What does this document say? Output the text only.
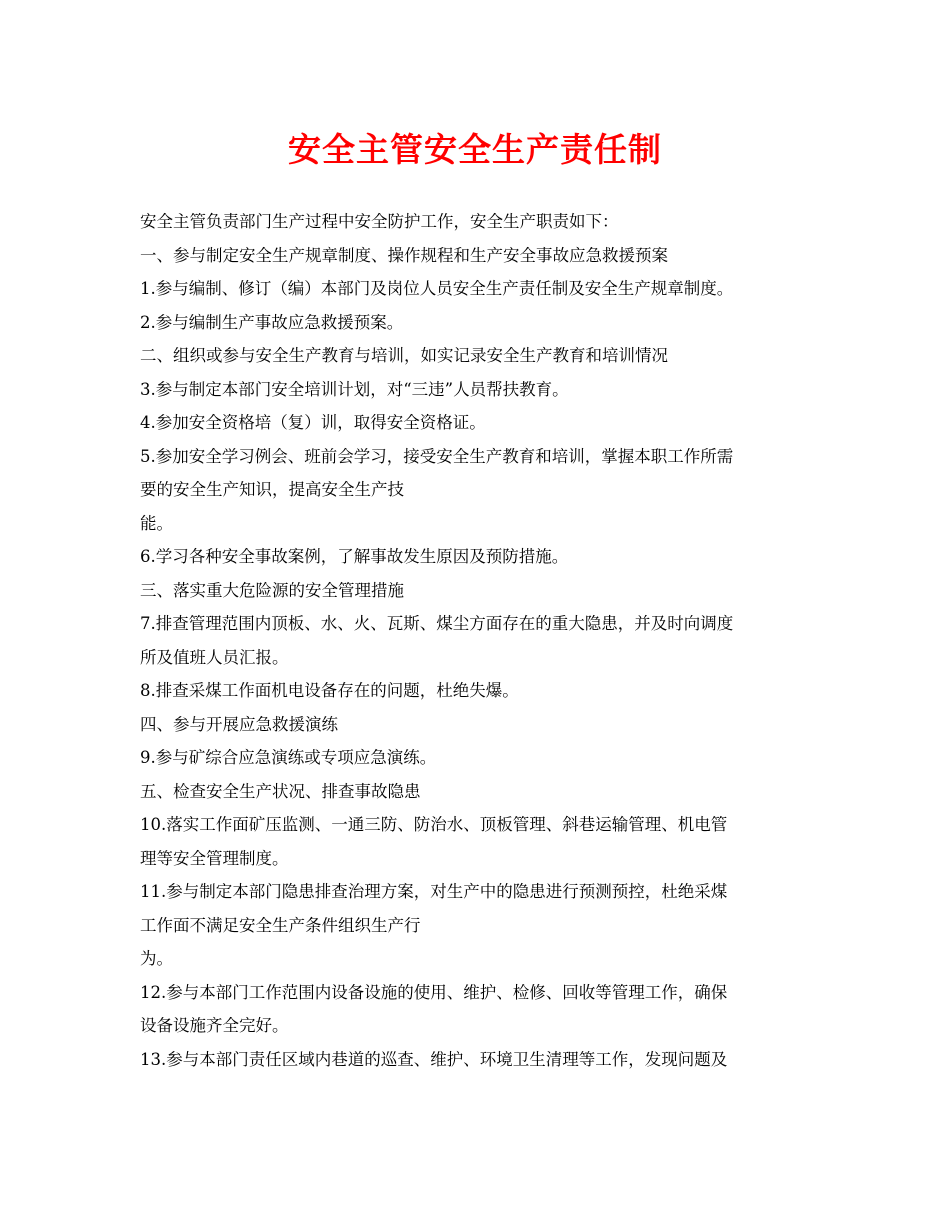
安全主管安全生产责任制

安全主管负责部门生产过程中安全防护工作，安全生产职责如下：

一、参与制定安全生产规章制度、操作规程和生产安全事故应急救援预案

1.参与编制、修订（编）本部门及岗位人员安全生产责任制及安全生产规章制度。

2.参与编制生产事故应急救援预案。

二、组织或参与安全生产教育与培训，如实记录安全生产教育和培训情况

3.参与制定本部门安全培训计划，对“三违”人员帮扶教育。

4.参加安全资格培（复）训，取得安全资格证。

5.参加安全学习例会、班前会学习，接受安全生产教育和培训，掌握本职工作所需

要的安全生产知识，提高安全生产技

能。

6.学习各种安全事故案例，了解事故发生原因及预防措施。

三、落实重大危险源的安全管理措施

7.排查管理范围内顶板、水、火、瓦斯、煤尘方面存在的重大隐患，并及时向调度

所及值班人员汇报。

8.排查采煤工作面机电设备存在的问题，杜绝失爆。

四、参与开展应急救援演练

9.参与矿综合应急演练或专项应急演练。

五、检查安全生产状况、排查事故隐患

10.落实工作面矿压监测、一通三防、防治水、顶板管理、斜巷运输管理、机电管

理等安全管理制度。

11.参与制定本部门隐患排查治理方案，对生产中的隐患进行预测预控，杜绝采煤

工作面不满足安全生产条件组织生产行

为。

12.参与本部门工作范围内设备设施的使用、维护、检修、回收等管理工作，确保

设备设施齐全完好。

13.参与本部门责任区域内巷道的巡查、维护、环境卫生清理等工作，发现问题及
